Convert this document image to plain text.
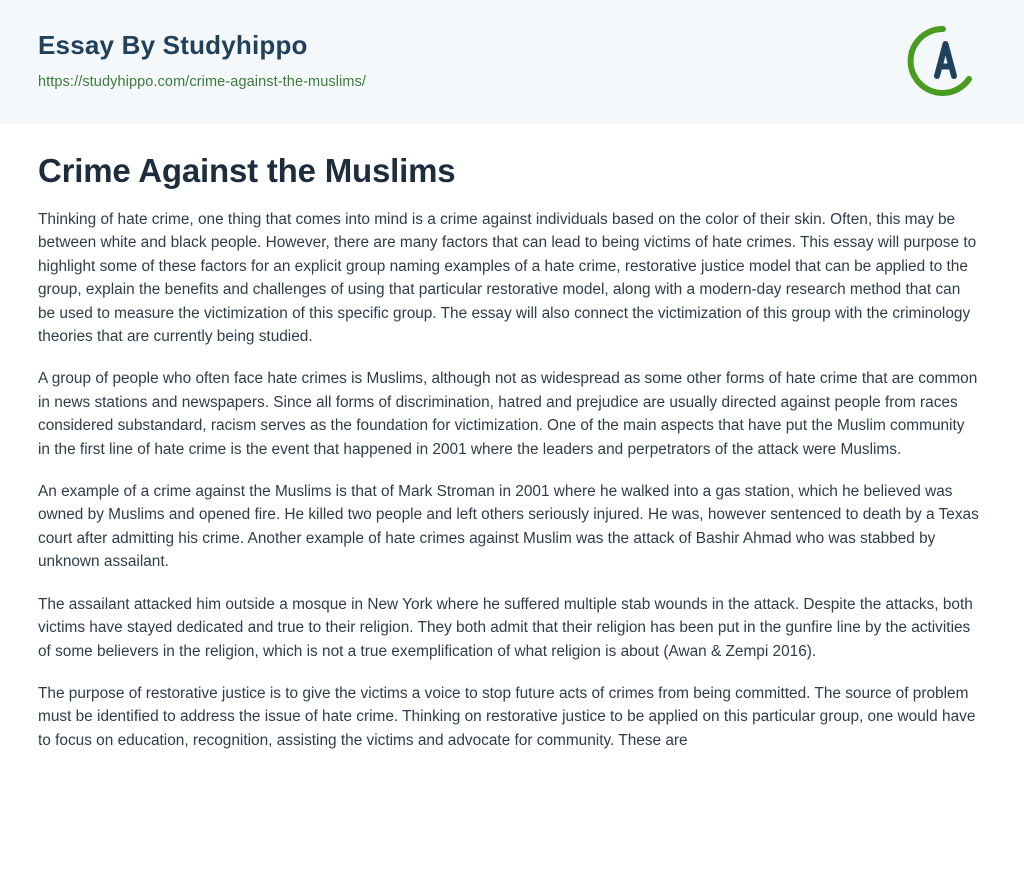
Essay By Studyhippo
https://studyhippo.com/crime-against-the-muslims/
Crime Against the Muslims

Thinking of hate crime, one thing that comes into mind is a crime against individuals based on the color of their skin. Often, this may be between white and black people. However, there are many factors that can lead to being victims of hate crimes. This essay will purpose to highlight some of these factors for an explicit group naming examples of a hate crime, restorative justice model that can be applied to the group, explain the benefits and challenges of using that particular restorative model, along with a modern-day research method that can be used to measure the victimization of this specific group. The essay will also connect the victimization of this group with the criminology theories that are currently being studied.

A group of people who often face hate crimes is Muslims, although not as widespread as some other forms of hate crime that are common in news stations and newspapers. Since all forms of discrimination, hatred and prejudice are usually directed against people from races considered substandard, racism serves as the foundation for victimization. One of the main aspects that have put the Muslim community in the first line of hate crime is the event that happened in 2001 where the leaders and perpetrators of the attack were Muslims.

An example of a crime against the Muslims is that of Mark Stroman in 2001 where he walked into a gas station, which he believed was owned by Muslims and opened fire. He killed two people and left others seriously injured. He was, however sentenced to death by a Texas court after admitting his crime. Another example of hate crimes against Muslim was the attack of Bashir Ahmad who was stabbed by unknown assailant.

The assailant attacked him outside a mosque in New York where he suffered multiple stab wounds in the attack. Despite the attacks, both victims have stayed dedicated and true to their religion. They both admit that their religion has been put in the gunfire line by the activities of some believers in the religion, which is not a true exemplification of what religion is about (Awan & Zempi 2016).

The purpose of restorative justice is to give the victims a voice to stop future acts of crimes from being committed. The source of problem must be identified to address the issue of hate crime. Thinking on restorative justice to be applied on this particular group, one would have to focus on education, recognition, assisting the victims and advocate for community. These are
